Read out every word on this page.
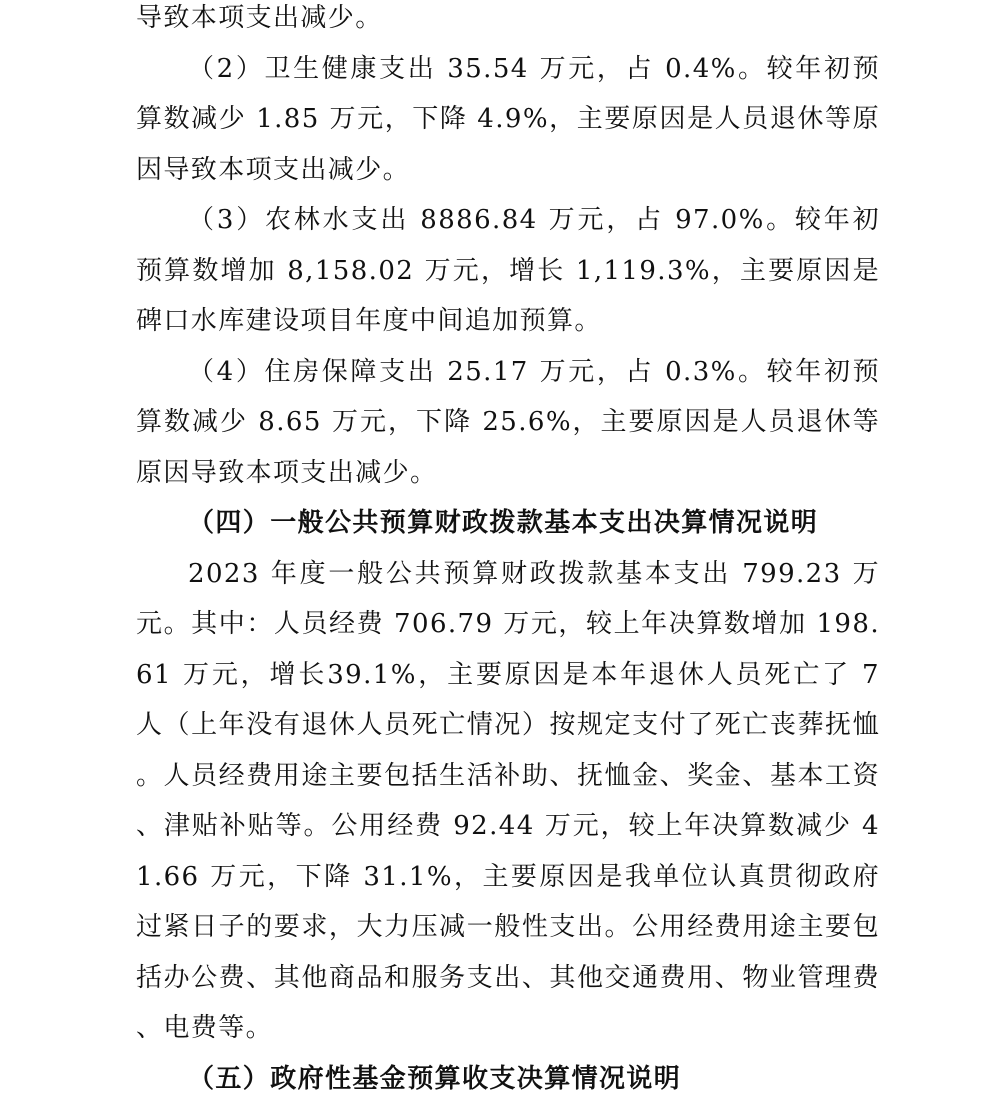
导致本项支出减少。

（2）卫生健康支出 35.54 万元，占 0.4%。较年初预算数减少 1.85 万元，下降 4.9%，主要原因是人员退休等原因导致本项支出减少。

（3）农林水支出 8886.84 万元，占 97.0%。较年初预算数增加 8,158.02 万元，增长 1,119.3%，主要原因是碑口水库建设项目年度中间追加预算。

（4）住房保障支出 25.17 万元，占 0.3%。较年初预算数减少 8.65 万元，下降 25.6%，主要原因是人员退休等原因导致本项支出减少。

（四）一般公共预算财政拨款基本支出决算情况说明

2023 年度一般公共预算财政拨款基本支出 799.23 万元。其中：人员经费 706.79 万元，较上年决算数增加 198.61 万元，增长39.1%，主要原因是本年退休人员死亡了 7 人（上年没有退休人员死亡情况）按规定支付了死亡丧葬抚恤。人员经费用途主要包括生活补助、抚恤金、奖金、基本工资、津贴补贴等。公用经费 92.44 万元，较上年决算数减少 41.66 万元，下降 31.1%，主要原因是我单位认真贯彻政府过紧日子的要求，大力压减一般性支出。公用经费用途主要包括办公费、其他商品和服务支出、其他交通费用、物业管理费、电费等。

（五）政府性基金预算收支决算情况说明
